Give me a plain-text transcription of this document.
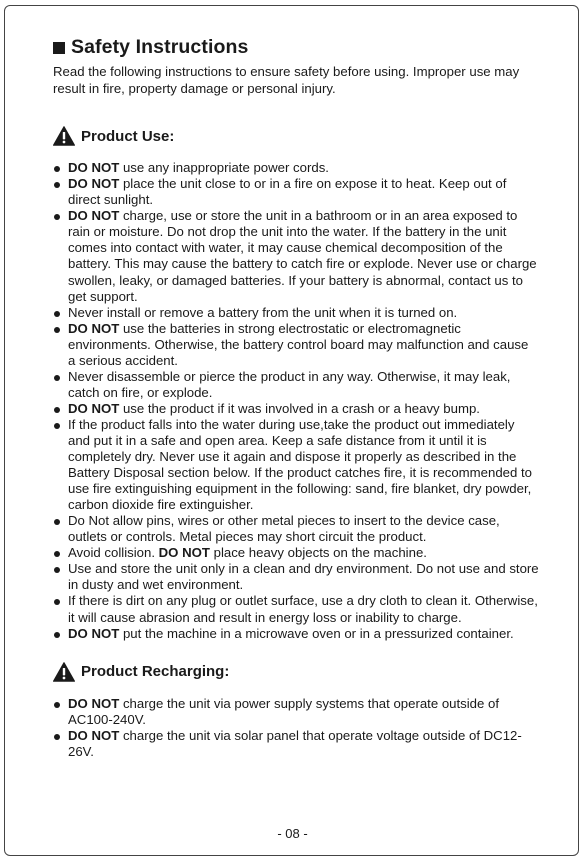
Safety Instructions
Read the following instructions to ensure safety before using. Improper use may result in fire, property damage or personal injury.
Product Use:
DO NOT use any inappropriate power cords.
DO NOT place the unit close to or in a fire on expose it to heat. Keep out of direct sunlight.
DO NOT charge, use or store the unit in a bathroom or in an area exposed to rain or moisture. Do not drop the unit into the water. If the battery in the unit comes into contact with water, it may cause chemical decomposition of the battery. This may cause the battery to catch fire or explode. Never use or charge swollen, leaky, or damaged batteries. If your battery is abnormal, contact us to get support.
Never install or remove a battery from the unit when it is turned on.
DO NOT use the batteries in strong electrostatic or electromagnetic environments. Otherwise, the battery control board may malfunction and cause a serious accident.
Never disassemble or pierce the product in any way. Otherwise, it may leak, catch on fire, or explode.
DO NOT use the product if it was involved in a crash or a heavy bump.
If the product falls into the water during use,take the product out immediately and put it in a safe and open area. Keep a safe distance from it until it is completely dry. Never use it again and dispose it properly as described in the Battery Disposal section below. If the product catches fire, it is recommended to use fire extinguishing equipment in the following: sand, fire blanket, dry powder, carbon dioxide fire extinguisher.
Do Not allow pins, wires or other metal pieces to insert to the device case, outlets or controls. Metal pieces may short circuit the product.
Avoid collision. DO NOT place heavy objects on the machine.
Use and store the unit only in a clean and dry environment. Do not use and store in dusty and wet environment.
If there is dirt on any plug or outlet surface, use a dry cloth to clean it. Otherwise, it will cause abrasion and result in energy loss or inability to charge.
DO NOT put the machine in a microwave oven or in a pressurized container.
Product Recharging:
DO NOT charge the unit via power supply systems that operate outside of AC100-240V.
DO NOT charge the unit via solar panel that operate voltage outside of DC12-26V.
- 08 -
